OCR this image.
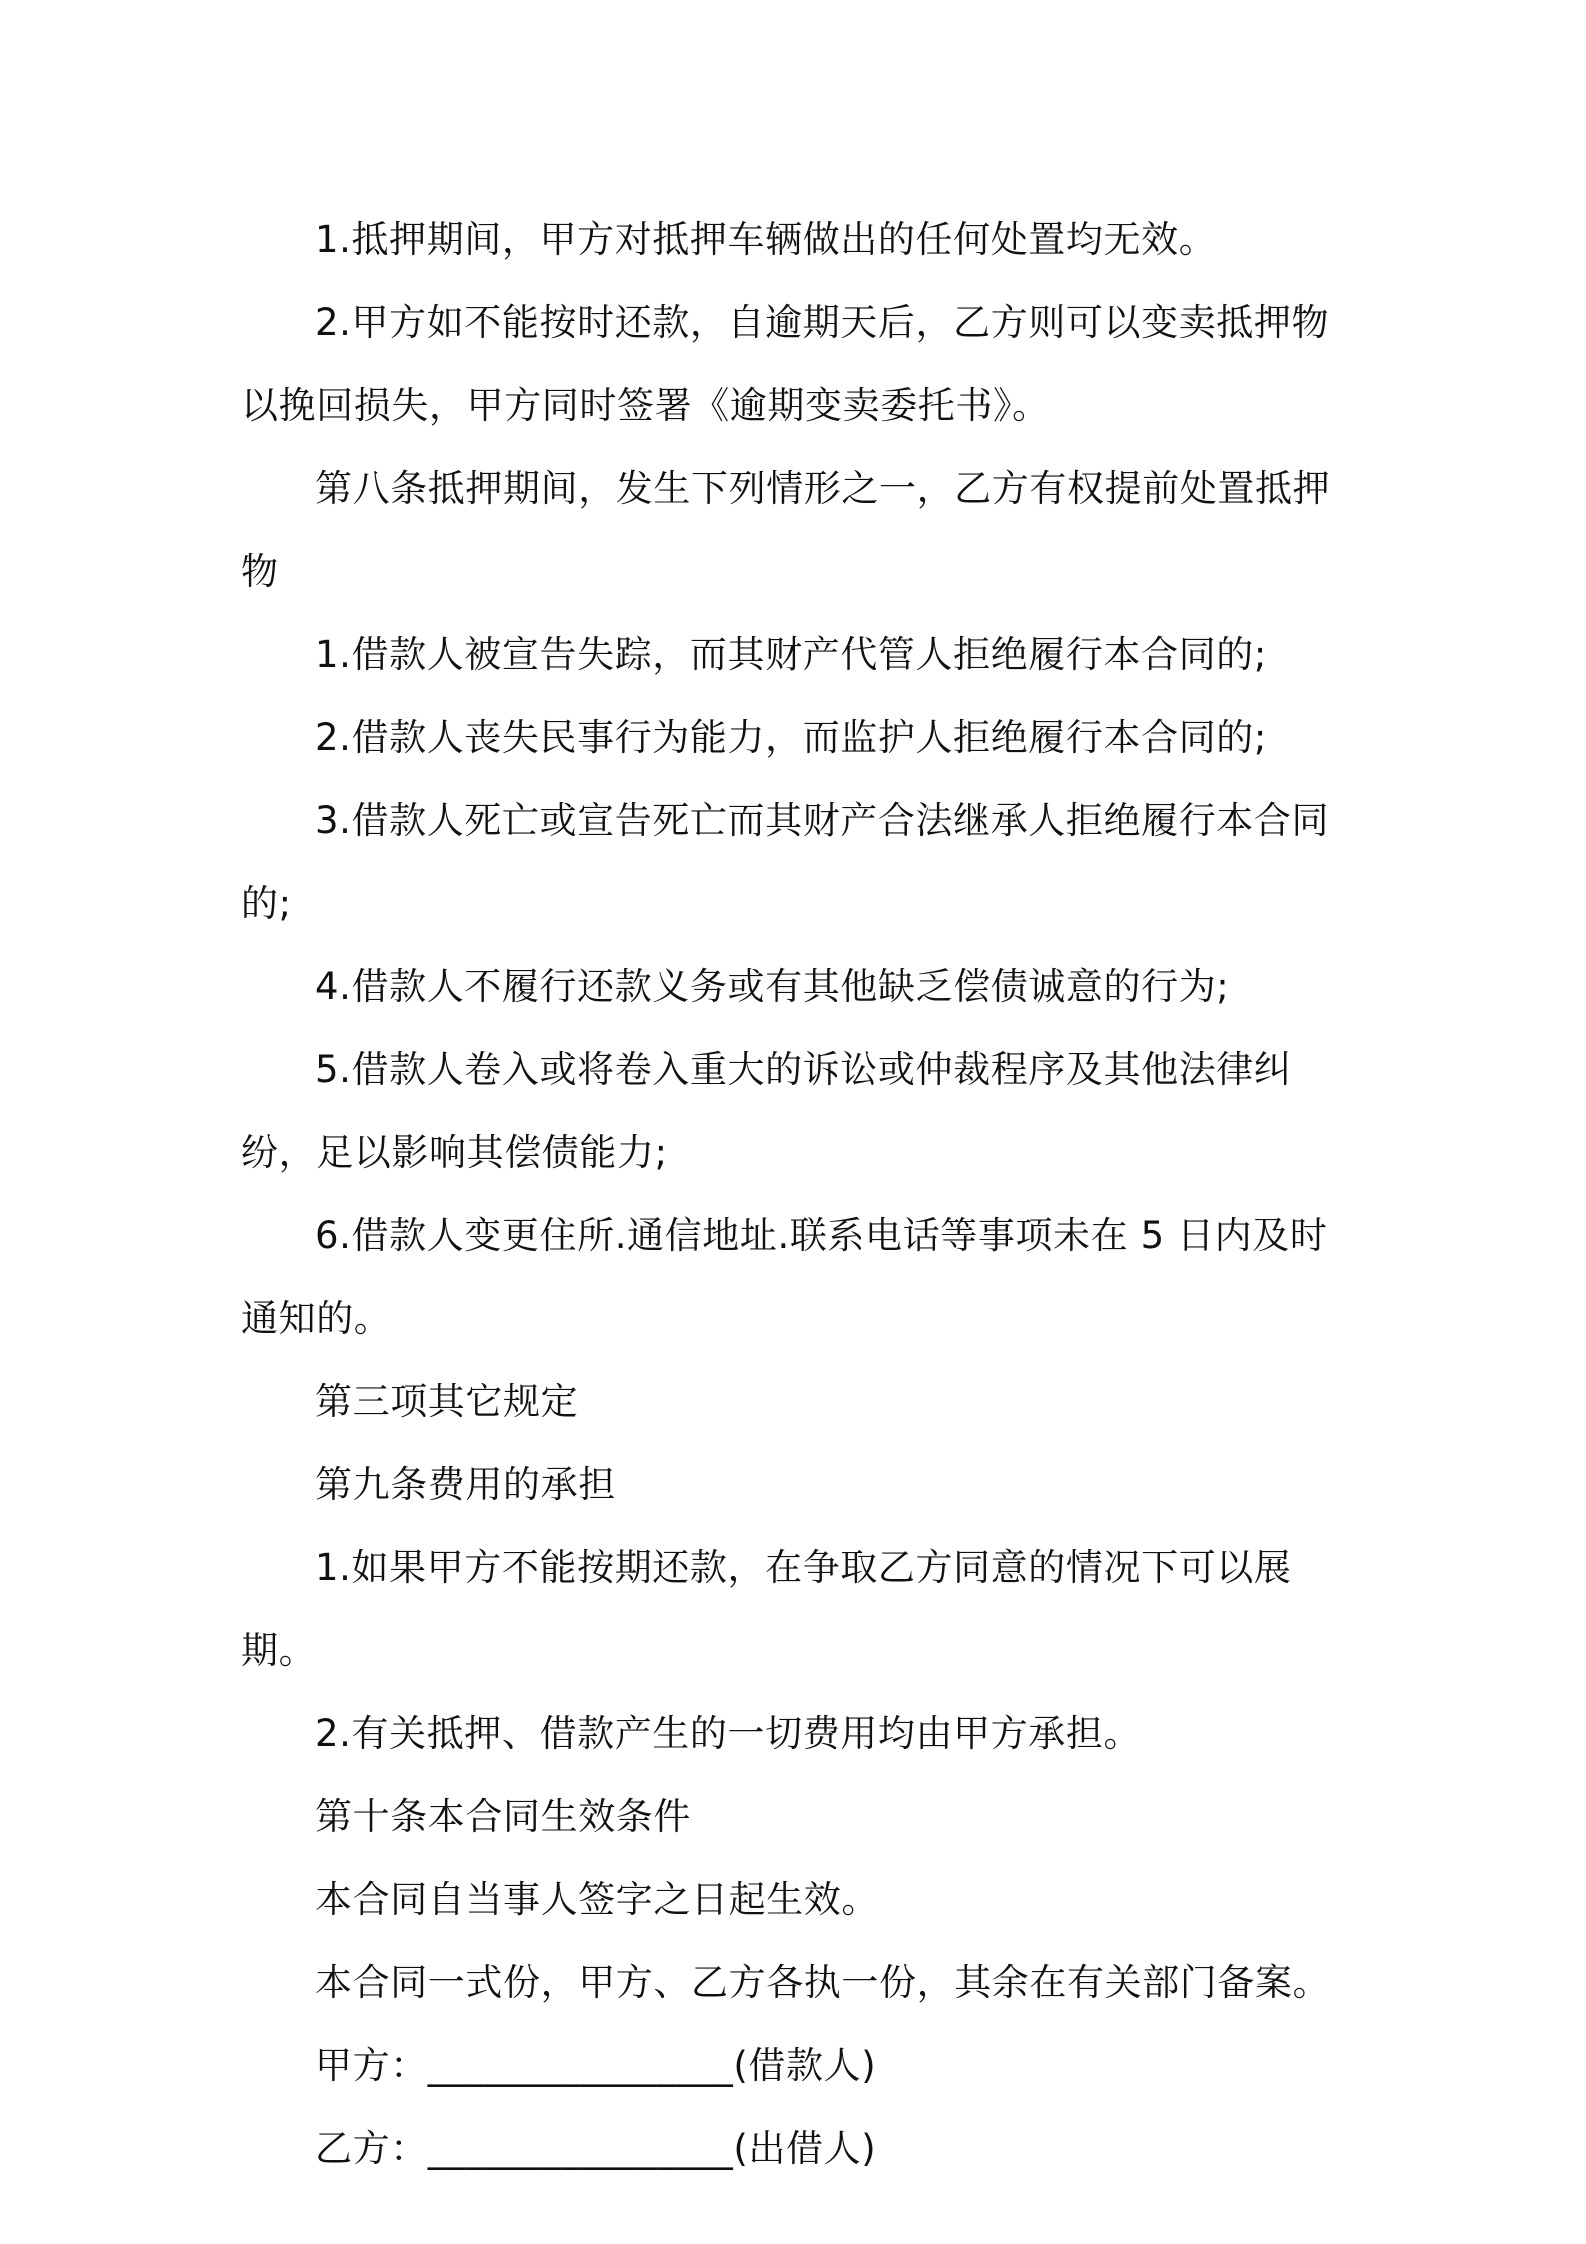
1.抵押期间，甲方对抵押车辆做出的任何处置均无效。

2.甲方如不能按时还款，自逾期天后，乙方则可以变卖抵押物以挽回损失，甲方同时签署《逾期变卖委托书》。

第八条抵押期间，发生下列情形之一，乙方有权提前处置抵押物

1.借款人被宣告失踪，而其财产代管人拒绝履行本合同的;

2.借款人丧失民事行为能力，而监护人拒绝履行本合同的;

3.借款人死亡或宣告死亡而其财产合法继承人拒绝履行本合同的;

4.借款人不履行还款义务或有其他缺乏偿债诚意的行为;

5.借款人卷入或将卷入重大的诉讼或仲裁程序及其他法律纠纷，足以影响其偿债能力;

6.借款人变更住所.通信地址.联系电话等事项未在 5 日内及时通知的。

第三项其它规定

第九条费用的承担

1.如果甲方不能按期还款，在争取乙方同意的情况下可以展期。

2.有关抵押、借款产生的一切费用均由甲方承担。

第十条本合同生效条件

本合同自当事人签字之日起生效。

本合同一式份，甲方、乙方各执一份，其余在有关部门备案。

甲方：________________(借款人)

乙方：________________(出借人)
